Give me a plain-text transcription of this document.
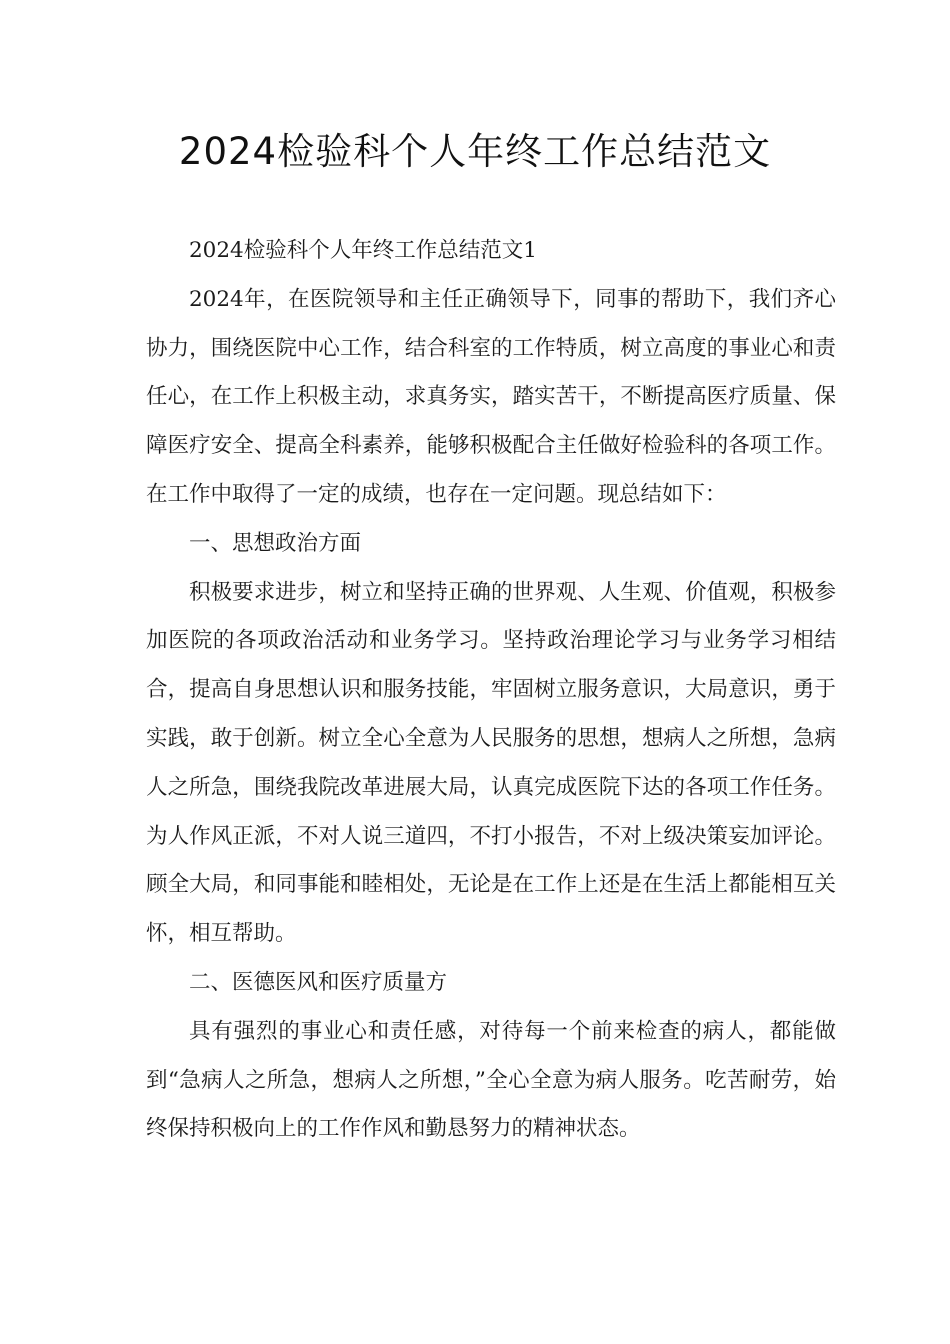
2024检验科个人年终工作总结范文

2024检验科个人年终工作总结范文1

2024年，在医院领导和主任正确领导下，同事的帮助下，我们齐心协力，围绕医院中心工作，结合科室的工作特质，树立高度的事业心和责任心，在工作上积极主动，求真务实，踏实苦干，不断提高医疗质量、保障医疗安全、提高全科素养，能够积极配合主任做好检验科的各项工作。在工作中取得了一定的成绩，也存在一定问题。现总结如下：

一、思想政治方面

积极要求进步，树立和坚持正确的世界观、人生观、价值观，积极参加医院的各项政治活动和业务学习。坚持政治理论学习与业务学习相结合，提高自身思想认识和服务技能，牢固树立服务意识，大局意识，勇于实践，敢于创新。树立全心全意为人民服务的思想，想病人之所想，急病人之所急，围绕我院改革进展大局，认真完成医院下达的各项工作任务。为人作风正派，不对人说三道四，不打小报告，不对上级决策妄加评论。顾全大局，和同事能和睦相处，无论是在工作上还是在生活上都能相互关怀，相互帮助。

二、医德医风和医疗质量方

具有强烈的事业心和责任感，对待每一个前来检查的病人，都能做到“急病人之所急，想病人之所想，”全心全意为病人服务。吃苦耐劳，始终保持积极向上的工作作风和勤恳努力的精神状态。
